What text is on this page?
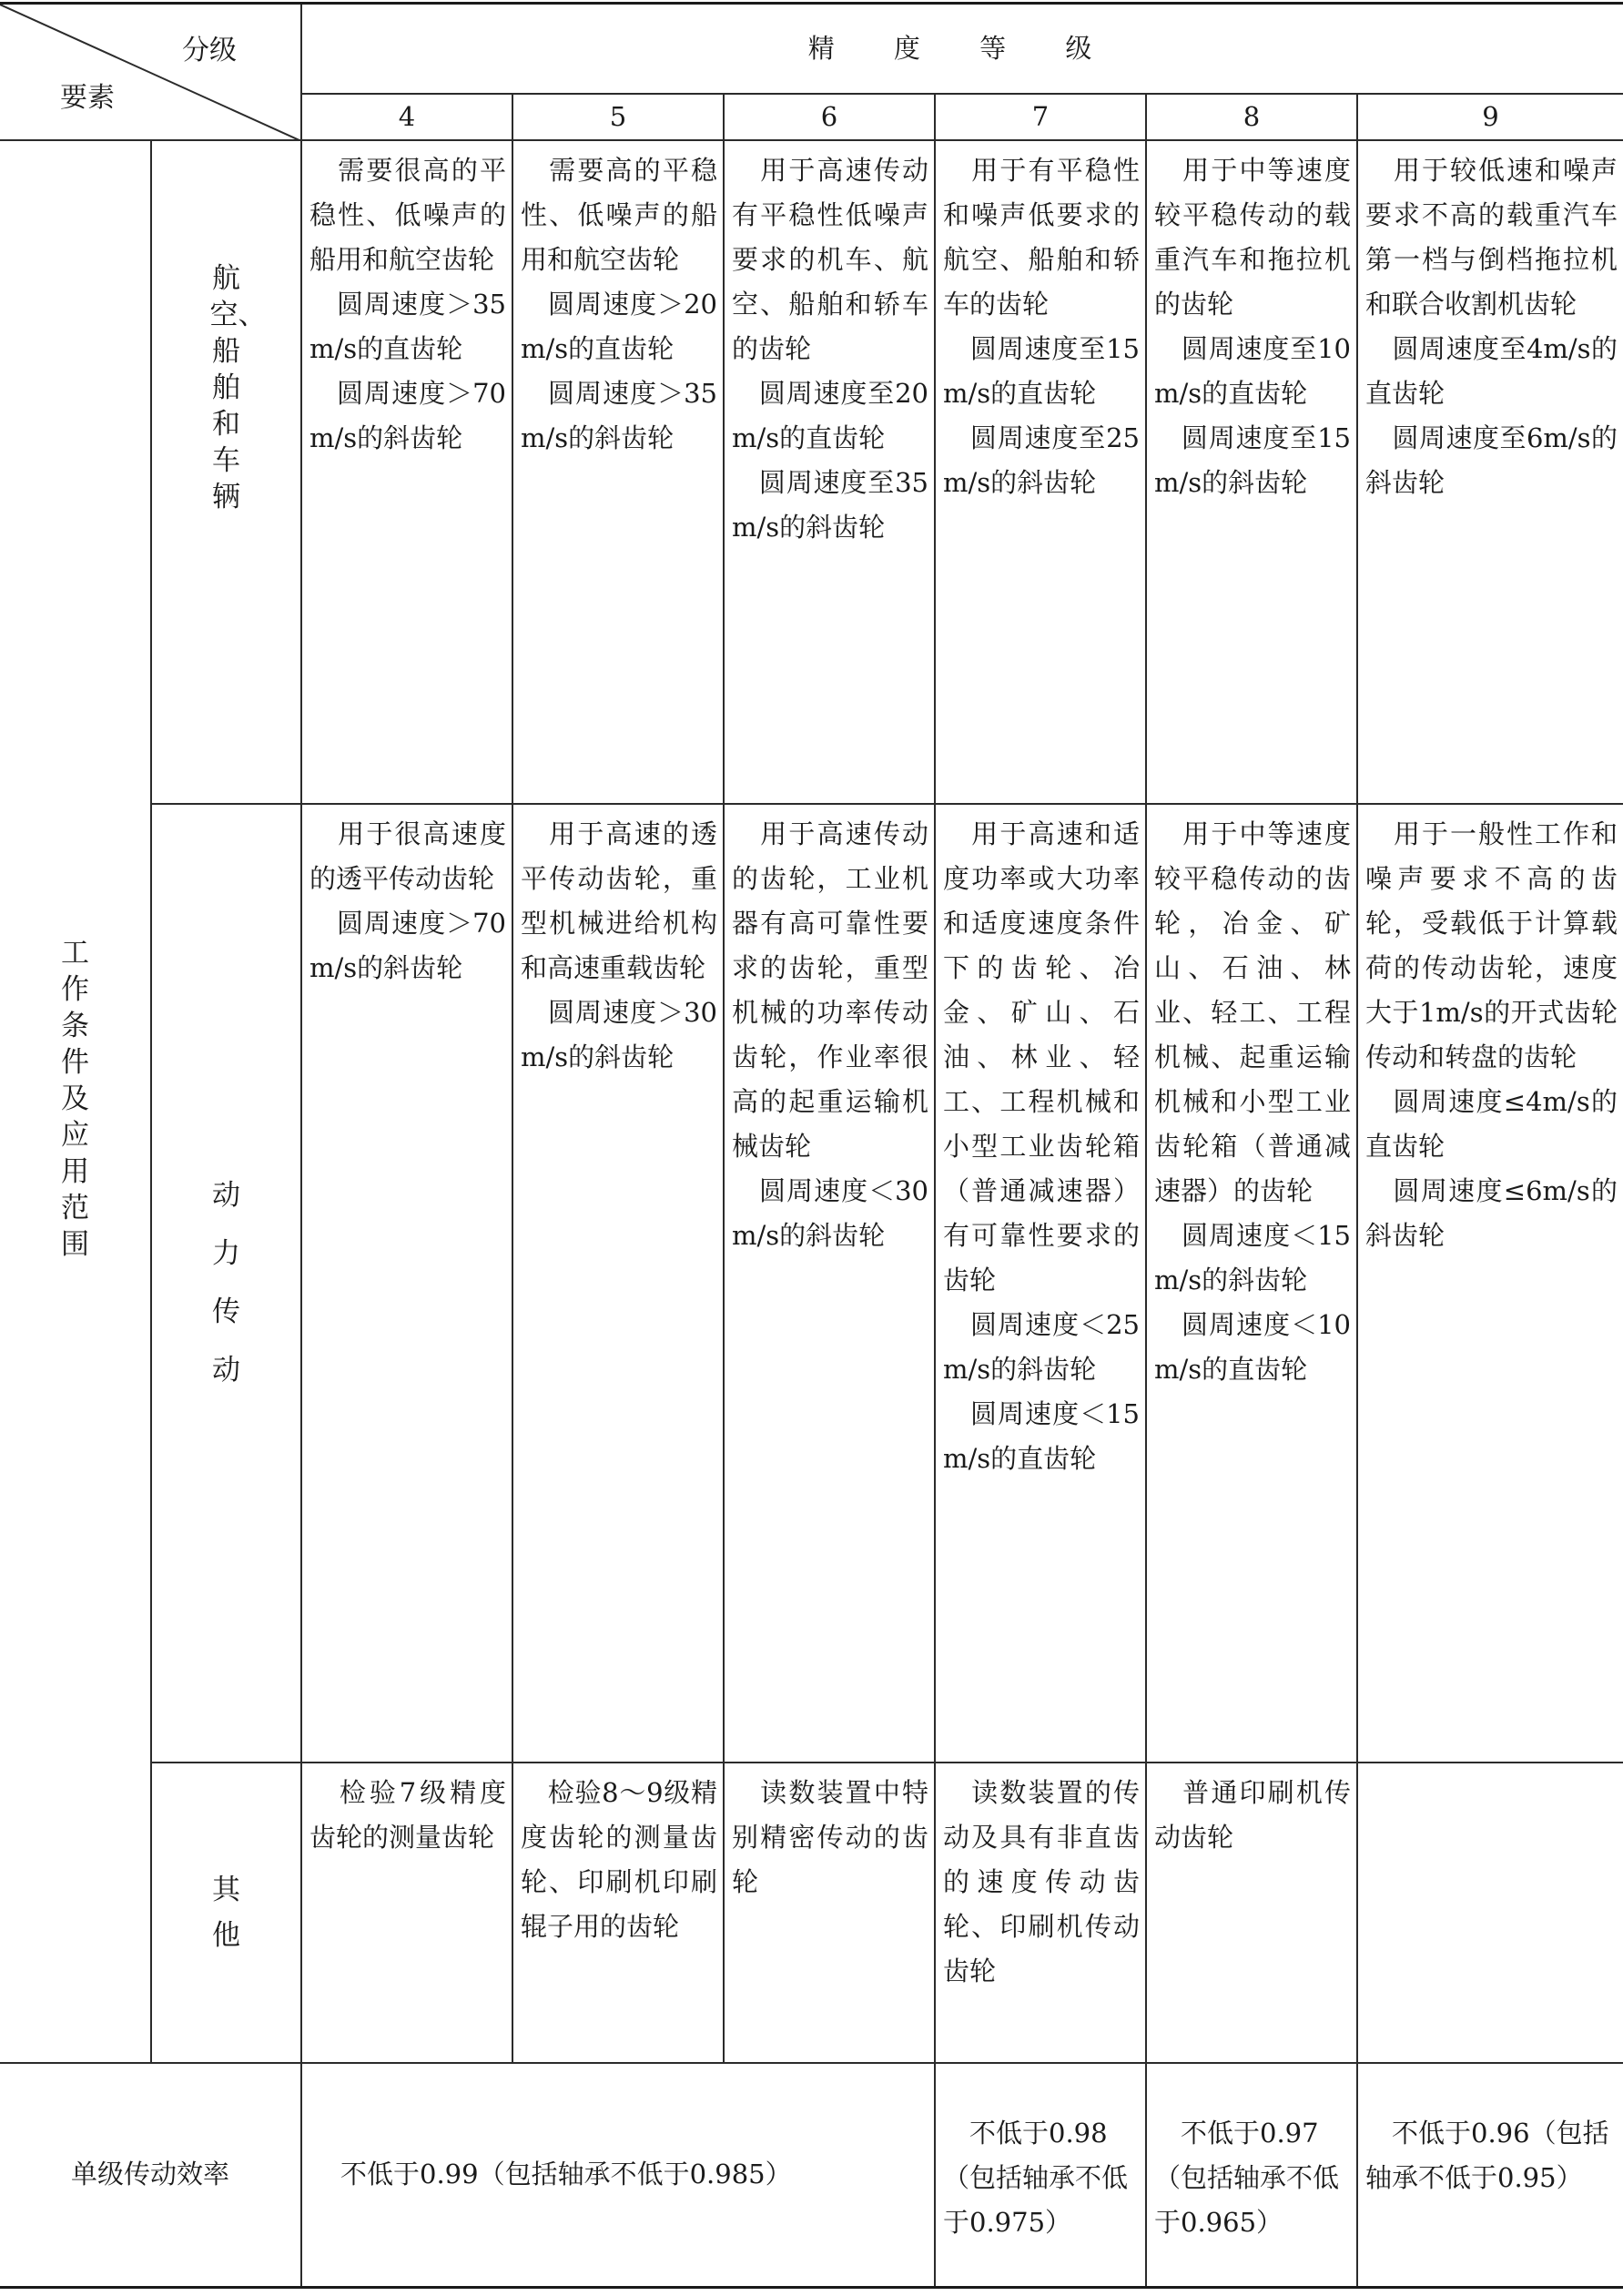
分级
要素		精 度 等 级					
		4	5	6	7	8	9
工作条件及应用范围	航空、船舶和车辆	　需要很高的平稳性、低噪声的船用和航空齿轮
　圆周速度＞35m/s的直齿轮
　圆周速度＞70m/s的斜齿轮	　需要高的平稳性、低噪声的船用和航空齿轮
　圆周速度＞20m/s的直齿轮
　圆周速度＞35m/s的斜齿轮	　用于高速传动有平稳性低噪声要求的机车、航空、船舶和轿车的齿轮
　圆周速度至20m/s的直齿轮
　圆周速度至35m/s的斜齿轮	　用于有平稳性和噪声低要求的航空、船舶和轿车的齿轮
　圆周速度至15m/s的直齿轮
　圆周速度至25m/s的斜齿轮	　用于中等速度较平稳传动的载重汽车和拖拉机的齿轮
　圆周速度至10m/s的直齿轮
　圆周速度至15m/s的斜齿轮	　用于较低速和噪声要求不高的载重汽车第一档与倒档拖拉机和联合收割机齿轮
　圆周速度至4m/s的直齿轮
　圆周速度至6m/s的斜齿轮

	动力传动	　用于很高速度的透平传动齿轮
　圆周速度＞70m/s的斜齿轮	　用于高速的透平传动齿轮，重型机械进给机构和高速重载齿轮
　圆周速度＞30m/s的斜齿轮	　用于高速传动的齿轮，工业机器有高可靠性要求的齿轮，重型机械的功率传动齿轮，作业率很高的起重运输机械齿轮
　圆周速度＜30m/s的斜齿轮	　用于高速和适度功率或大功率和适度速度条件下的齿轮、冶金、矿山、石油、林业、轻工、工程机械和小型工业齿轮箱（普通减速器）有可靠性要求的齿轮
　圆周速度＜25m/s的斜齿轮
　圆周速度＜15m/s的直齿轮	　用于中等速度较平稳传动的齿轮，冶金、矿山、石油、林业、轻工、工程机械、起重运输机械和小型工业齿轮箱（普通减速器）的齿轮
　圆周速度＜15m/s的斜齿轮
　圆周速度＜10m/s的直齿轮	　用于一般性工作和噪声要求不高的齿轮，受载低于计算载荷的传动齿轮，速度大于1m/s的开式齿轮传动和转盘的齿轮
　圆周速度≤4m/s的直齿轮
　圆周速度≤6m/s的斜齿轮

	其他	　检验7级精度齿轮的测量齿轮	　检验8～9级精度齿轮的测量齿轮、印刷机印刷辊子用的齿轮	　读数装置中特别精密传动的齿轮	　读数装置的传动及具有非直齿的速度传动齿轮、印刷机传动齿轮	　普通印刷机传动齿轮	

单级传动效率		不低于0.99（包括轴承不低于0.985）			　不低于0.98（包括轴承不低于0.975）	　不低于0.97（包括轴承不低于0.965）	　不低于0.96（包括轴承不低于0.95）
